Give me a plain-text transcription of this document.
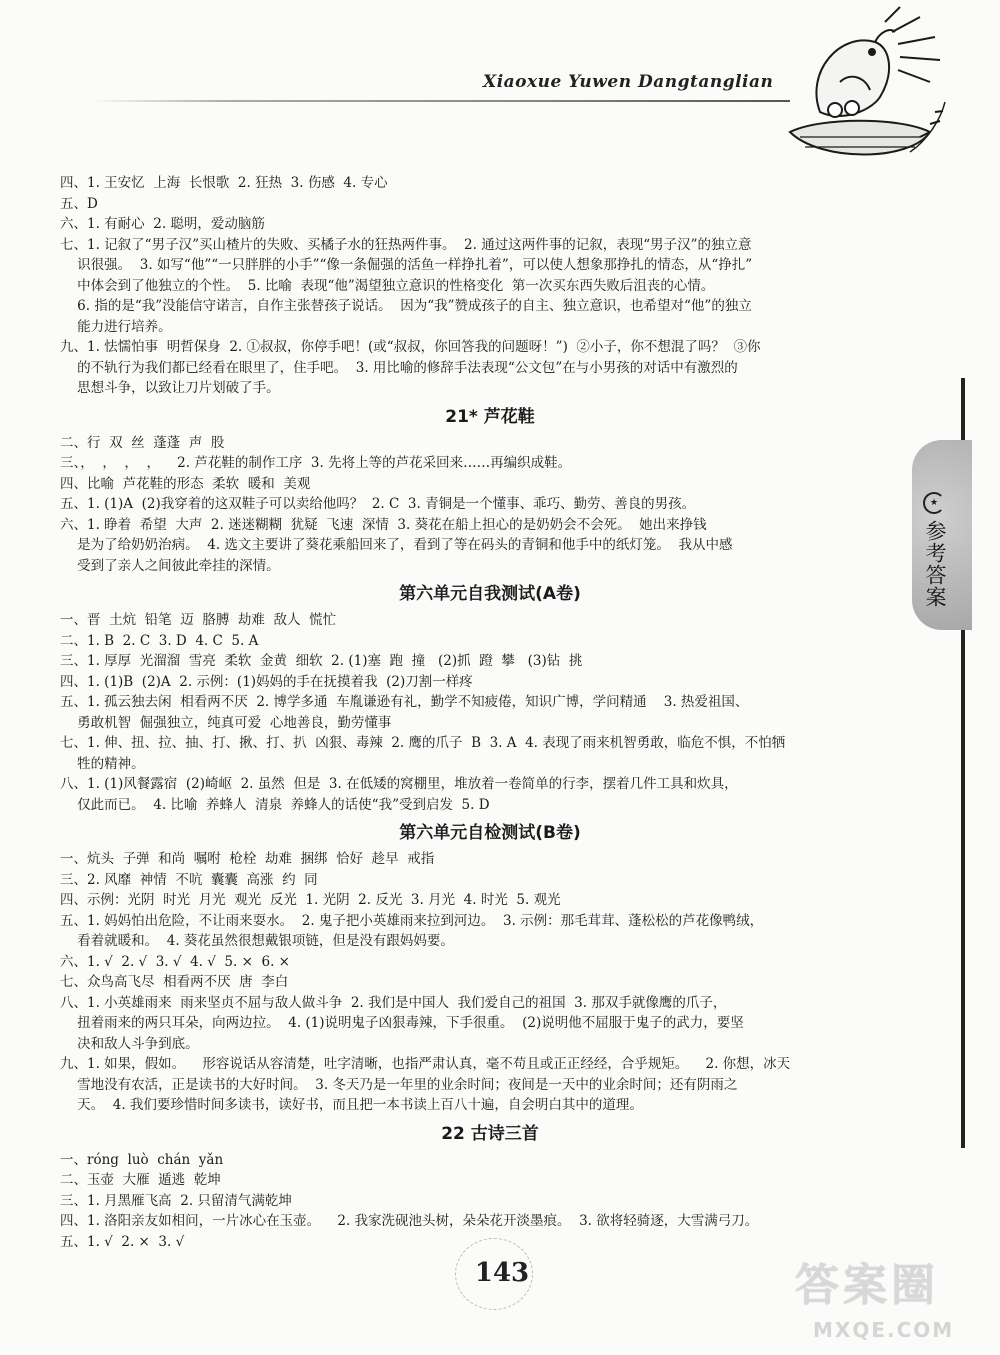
Xiaoxue Yuwen Dangtanglian
★
参考答案
四、1. 王安忆  上海  长恨歌  2. 狂热  3. 伤感  4. 专心
五、D
六、1. 有耐心  2. 聪明，爱动脑筋
七、1. 记叙了“男子汉”买山楂片的失败、买橘子水的狂热两件事。  2. 通过这两件事的记叙，表现“男子汉”的独立意
识很强。  3. 如写“他”“一只胖胖的小手”“像一条倔强的活鱼一样挣扎着”，可以使人想象那挣扎的情态，从“挣扎”
中体会到了他独立的个性。  5. 比喻  表现“他”渴望独立意识的性格变化  第一次买东西失败后沮丧的心情。
6. 指的是“我”没能信守诺言，自作主张替孩子说话。  因为“我”赞成孩子的自主、独立意识，也希望对“他”的独立
能力进行培养。
九、1. 怯懦怕事  明哲保身  2. ①叔叔，你停手吧！(或“叔叔，你回答我的问题呀！”)  ②小子，你不想混了吗？  ③你
的不轨行为我们都已经看在眼里了，住手吧。  3. 用比喻的修辞手法表现“公文包”在与小男孩的对话中有激烈的
思想斗争，以致让刀片划破了手。
21* 芦花鞋
二、行  双  丝  蓬蓬  声  股
三、，  ，  ，  ，    2. 芦花鞋的制作工序  3. 先将上等的芦花采回来……再编织成鞋。
四、比喻  芦花鞋的形态  柔软  暖和  美观
五、1. (1)A  (2)我穿着的这双鞋子可以卖给他吗？  2. C  3. 青铜是一个懂事、乖巧、勤劳、善良的男孩。
六、1. 睁着  希望  大声  2. 迷迷糊糊  犹疑  飞速  深情  3. 葵花在船上担心的是奶奶会不会死。  她出来挣钱
是为了给奶奶治病。  4. 选文主要讲了葵花乘船回来了，看到了等在码头的青铜和他手中的纸灯笼。  我从中感
受到了亲人之间彼此牵挂的深情。
第六单元自我测试(A卷)
一、晋  土炕  铅笔  迈  胳膊  劫难  敌人  慌忙
二、1. B  2. C  3. D  4. C  5. A
三、1. 厚厚  光溜溜  雪亮  柔软  金黄  细软  2. (1)塞  跑  撞   (2)抓  蹬  攀   (3)钻  挑
四、1. (1)B  (2)A  2. 示例：(1)妈妈的手在抚摸着我  (2)刀割一样疼
五、1. 孤云独去闲  相看两不厌  2. 博学多通  车胤谦逊有礼，勤学不知疲倦，知识广博，学问精通    3. 热爱祖国、
勇敢机智  倔强独立，纯真可爱  心地善良，勤劳懂事
七、1. 伸、扭、拉、抽、打、揪、打、扒  凶狠、毒辣  2. 鹰的爪子  B  3. A  4. 表现了雨来机智勇敢，临危不惧，不怕牺
牲的精神。
八、1. (1)风餐露宿  (2)崎岖  2. 虽然  但是  3. 在低矮的窝棚里，堆放着一卷简单的行李，摆着几件工具和炊具，
仅此而已。  4. 比喻  养蜂人  清泉  养蜂人的话使“我”受到启发  5. D
第六单元自检测试(B卷)
一、炕头  子弹  和尚  嘱咐  枪栓  劫难  捆绑  恰好  趁早  戒指
三、2. 风靡  神情  不吭  囊囊  高涨  约  同
四、示例：光阴  时光  月光  观光  反光  1. 光阴  2. 反光  3. 月光  4. 时光  5. 观光
五、1. 妈妈怕出危险，不让雨来耍水。  2. 鬼子把小英雄雨来拉到河边。  3. 示例：那毛茸茸、蓬松松的芦花像鸭绒，
看着就暖和。  4. 葵花虽然很想戴银项链，但是没有跟妈妈要。
六、1. √  2. √  3. √  4. √  5. ×  6. ×
七、众鸟高飞尽  相看两不厌  唐  李白
八、1. 小英雄雨来  雨来坚贞不屈与敌人做斗争  2. 我们是中国人  我们爱自己的祖国  3. 那双手就像鹰的爪子，
扭着雨来的两只耳朵，向两边拉。  4. (1)说明鬼子凶狠毒辣，下手很重。  (2)说明他不屈服于鬼子的武力，要坚
决和敌人斗争到底。
九、1. 如果，假如。    形容说话从容清楚，吐字清晰，也指严肃认真，毫不苟且或正正经经，合乎规矩。    2. 你想，冰天
雪地没有农活，正是读书的大好时间。  3. 冬天乃是一年里的业余时间；夜间是一天中的业余时间；还有阴雨之
天。  4. 我们要珍惜时间多读书，读好书，而且把一本书读上百八十遍，自会明白其中的道理。
22 古诗三首
一、róng  luò  chán  yǎn
二、玉壶  大雁  遁逃  乾坤
三、1. 月黑雁飞高  2. 只留清气满乾坤
四、1. 洛阳亲友如相问，一片冰心在玉壶。    2. 我家洗砚池头树，朵朵花开淡墨痕。  3. 欲将轻骑逐，大雪满弓刀。
五、1. √  2. ×  3. √
143	答案圈
MXQE.COM
